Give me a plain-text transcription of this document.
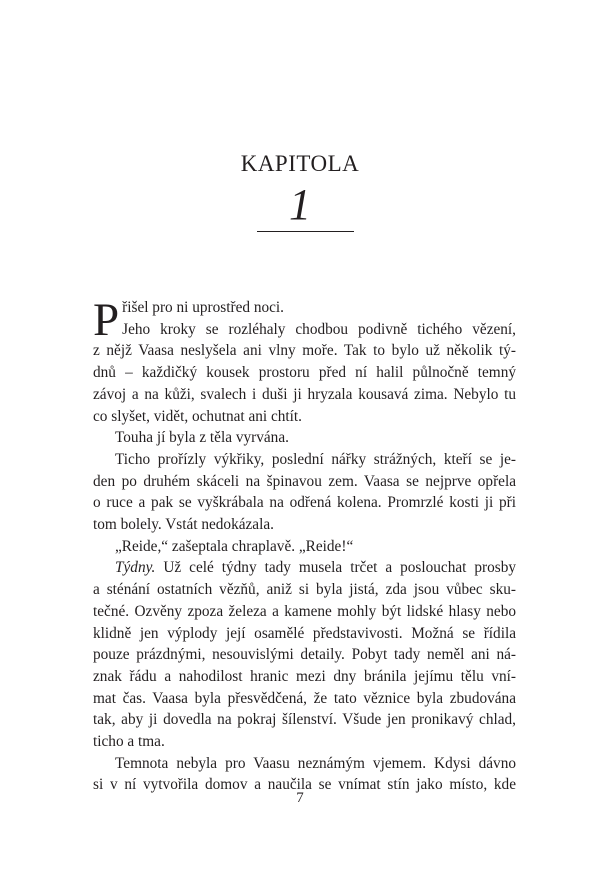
KAPITOLA
1
P řišel pro ni uprostřed noci.
Jeho kroky se rozléhaly chodbou podivně tichého vězení,
z nějž Vaasa neslyšela ani vlny moře. Tak to bylo už několik tý-
dnů – každičký kousek prostoru před ní halil půlnočně temný
závoj a na kůži, svalech i duši ji hryzala kousavá zima. Nebylo tu
co slyšet, vidět, ochutnat ani chtít.
Touha jí byla z těla vyrvána.
Ticho prořízly výkřiky, poslední nářky strážných, kteří se je-
den po druhém skáceli na špinavou zem. Vaasa se nejprve opřela
o ruce a pak se vyškrábala na odřená kolena. Promrzlé kosti ji při
tom bolely. Vstát nedokázala.
„Reide,“ zašeptala chraplavě. „Reide!“
Týdny. Už celé týdny tady musela trčet a poslouchat prosby
a sténání ostatních vězňů, aniž si byla jistá, zda jsou vůbec sku-
tečné. Ozvěny zpoza železa a kamene mohly být lidské hlasy nebo
klidně jen výplody její osamělé představivosti. Možná se řídila
pouze prázdnými, nesouvislými detaily. Pobyt tady neměl ani ná-
znak řádu a nahodilost hranic mezi dny bránila jejímu tělu vní-
mat čas. Vaasa byla přesvědčená, že tato věznice byla zbudována
tak, aby ji dovedla na pokraj šílenství. Všude jen pronikavý chlad,
ticho a tma.
Temnota nebyla pro Vaasu neznámým vjemem. Kdysi dávno
si v ní vytvořila domov a naučila se vnímat stín jako místo, kde
7
